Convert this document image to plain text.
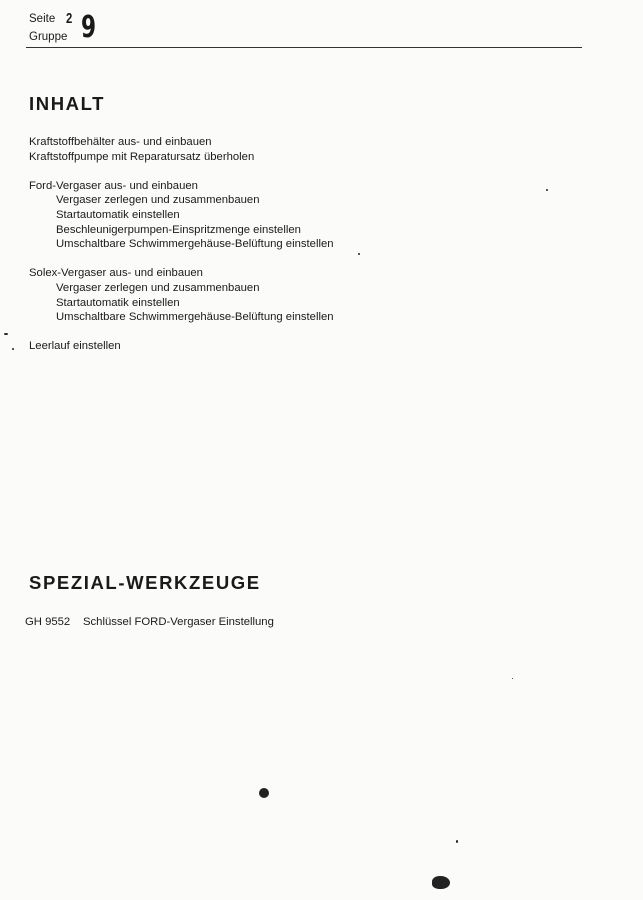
Seite 2
Gruppe 9
INHALT
Kraftstoffbehälter aus- und einbauen
Kraftstoffpumpe mit Reparatursatz überholen
Ford-Vergaser aus- und einbauen
Vergaser zerlegen und zusammenbauen
Startautomatik einstellen
Beschleunigerpumpen-Einspritzmenge einstellen
Umschaltbare Schwimmergehäuse-Belüftung einstellen
Solex-Vergaser aus- und einbauen
Vergaser zerlegen und zusammenbauen
Startautomatik einstellen
Umschaltbare Schwimmergehäuse-Belüftung einstellen
Leerlauf einstellen
SPEZIAL-WERKZEUGE
GH 9552 Schlüssel FORD-Vergaser Einstellung
